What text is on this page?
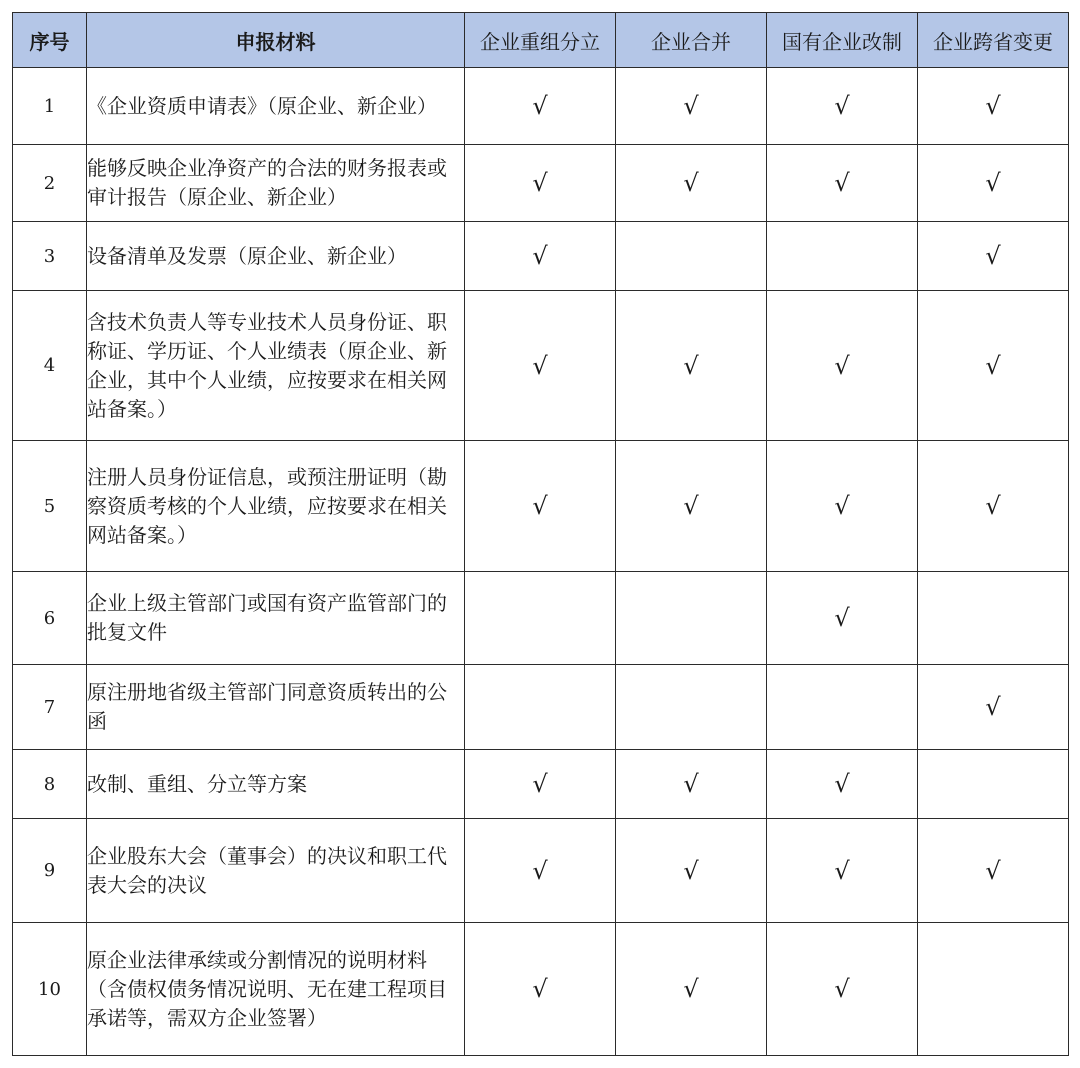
序号	申报材料	企业重组分立	企业合并	国有企业改制	企业跨省变更
1	《企业资质申请表》（原企业、新企业）	√	√	√	√
2	能够反映企业净资产的合法的财务报表或审计报告（原企业、新企业）	√	√	√	√
3	设备清单及发票（原企业、新企业）	√			√
4	含技术负责人等专业技术人员身份证、职称证、学历证、个人业绩表（原企业、新企业，其中个人业绩，应按要求在相关网站备案。）	√	√	√	√
5	注册人员身份证信息，或预注册证明（勘察资质考核的个人业绩，应按要求在相关网站备案。）	√	√	√	√
6	企业上级主管部门或国有资产监管部门的批复文件			√	
7	原注册地省级主管部门同意资质转出的公函				√
8	改制、重组、分立等方案	√	√	√	
9	企业股东大会（董事会）的决议和职工代表大会的决议	√	√	√	√
10	原企业法律承续或分割情况的说明材料（含债权债务情况说明、无在建工程项目承诺等，需双方企业签署）	√	√	√	
